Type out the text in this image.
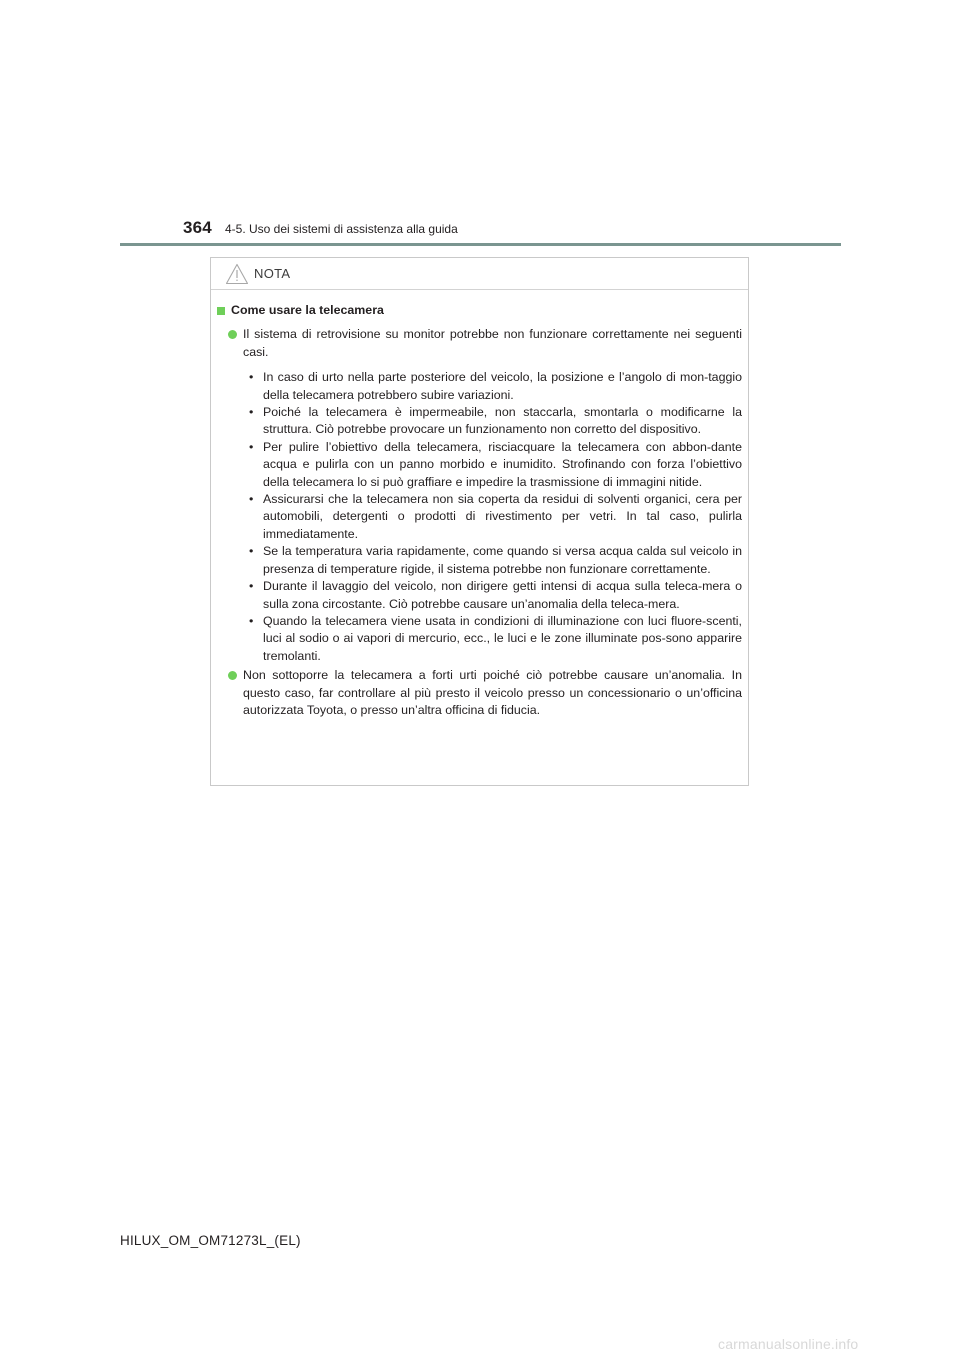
364 4-5. Uso dei sistemi di assistenza alla guida
NOTA
Come usare la telecamera
Il sistema di retrovisione su monitor potrebbe non funzionare correttamente nei seguenti casi.
• In caso di urto nella parte posteriore del veicolo, la posizione e l’angolo di mon-taggio della telecamera potrebbero subire variazioni.
• Poiché la telecamera è impermeabile, non staccarla, smontarla o modificarne la struttura. Ciò potrebbe provocare un funzionamento non corretto del dispositivo.
• Per pulire l’obiettivo della telecamera, risciacquare la telecamera con abbon-dante acqua e pulirla con un panno morbido e inumidito. Strofinando con forza l’obiettivo della telecamera lo si può graffiare e impedire la trasmissione di immagini nitide.
• Assicurarsi che la telecamera non sia coperta da residui di solventi organici, cera per automobili, detergenti o prodotti di rivestimento per vetri. In tal caso, pulirla immediatamente.
• Se la temperatura varia rapidamente, come quando si versa acqua calda sul veicolo in presenza di temperature rigide, il sistema potrebbe non funzionare correttamente.
• Durante il lavaggio del veicolo, non dirigere getti intensi di acqua sulla teleca-mera o sulla zona circostante. Ciò potrebbe causare un’anomalia della teleca-mera.
• Quando la telecamera viene usata in condizioni di illuminazione con luci fluore-scenti, luci al sodio o ai vapori di mercurio, ecc., le luci e le zone illuminate pos-sono apparire tremolanti.
Non sottoporre la telecamera a forti urti poiché ciò potrebbe causare un’anomalia. In questo caso, far controllare al più presto il veicolo presso un concessionario o un’officina autorizzata Toyota, o presso un’altra officina di fiducia.
HILUX_OM_OM71273L_(EL)
carmanualsonline.info
